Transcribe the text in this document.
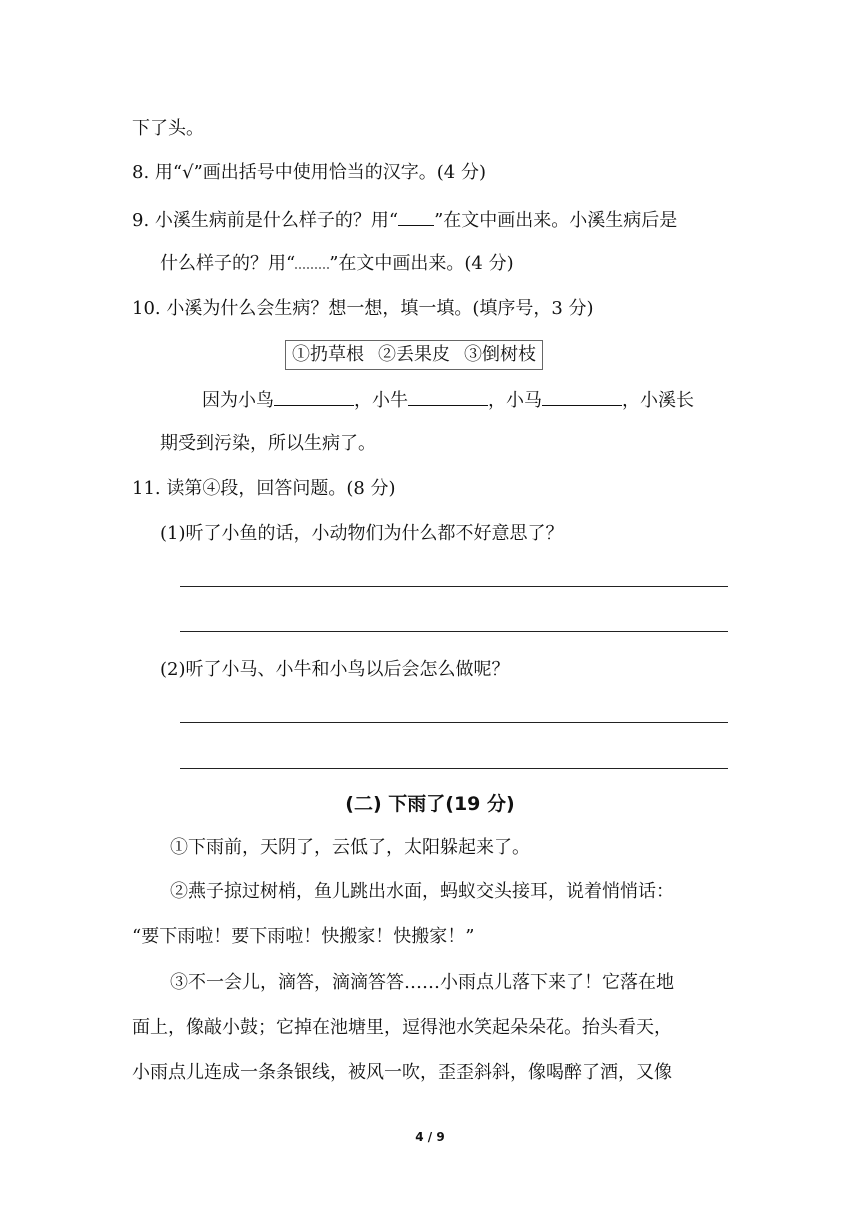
下了头。
8. 用“√”画出括号中使用恰当的汉字。(4 分)
9. 小溪生病前是什么样子的？用“ ”在文中画出来。小溪生病后是
什么样子的？用“ ”在文中画出来。(4 分)
10. 小溪为什么会生病？想一想，填一填。(填序号，3 分)
①扔草根 ②丢果皮 ③倒树枝
因为小鸟	，小牛	，小马	，小溪长
期受到污染，所以生病了。
11. 读第④段，回答问题。(8 分)
(1)听了小鱼的话，小动物们为什么都不好意思了？
(2)听了小马、小牛和小鸟以后会怎么做呢？
(二) 下雨了(19 分)
①下雨前，天阴了，云低了，太阳躲起来了。
②燕子掠过树梢，鱼儿跳出水面，蚂蚁交头接耳，说着悄悄话：
“要下雨啦！要下雨啦！快搬家！快搬家！”
③不一会儿，滴答，滴滴答答……小雨点儿落下来了！它落在地
面上，像敲小鼓；它掉在池塘里，逗得池水笑起朵朵花。抬头看天，
小雨点儿连成一条条银线，被风一吹，歪歪斜斜，像喝醉了酒，又像
4 / 9
